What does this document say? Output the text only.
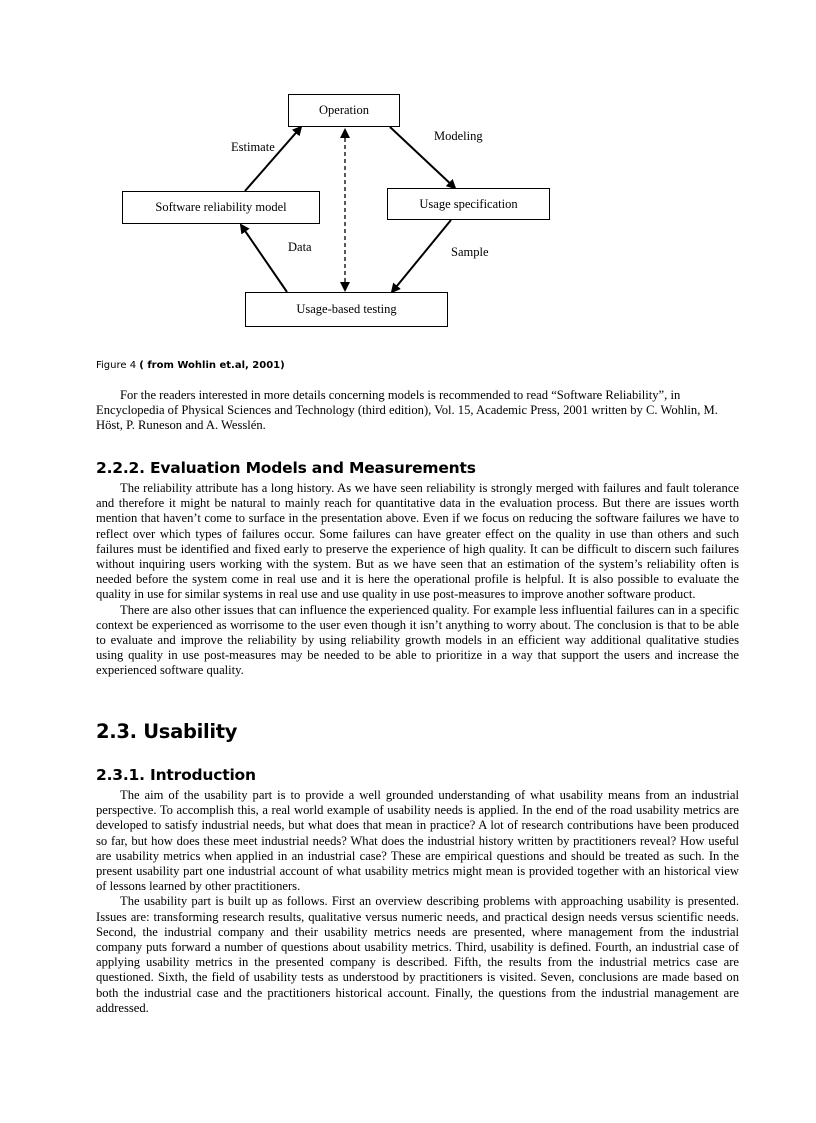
Operation
Software reliability model	Usage specification
Usage-based testing
Estimate
Modeling
Data	Sample
Figure 4 ( from Wohlin et.al, 2001)

For the readers interested in more details concerning models is recommended to read “Software Reliability”, in Encyclopedia of Physical Sciences and Technology (third edition), Vol. 15, Academic Press, 2001 written by C. Wohlin, M. Höst, P. Runeson and A. Wesslén.

2.2.2. Evaluation Models and Measurements

The reliability attribute has a long history. As we have seen reliability is strongly merged with failures and fault tolerance and therefore it might be natural to mainly reach for quantitative data in the evaluation process. But there are issues worth mention that haven’t come to surface in the presentation above. Even if we focus on reducing the software failures we have to reflect over which types of failures occur. Some failures can have greater effect on the quality in use than others and such failures must be identified and fixed early to preserve the experience of high quality. It can be difficult to discern such failures without inquiring users working with the system. But as we have seen that an estimation of the system’s reliability often is needed before the system come in real use and it is here the operational profile is helpful. It is also possible to evaluate the quality in use for similar systems in real use and use quality in use post-measures to improve another software product.

There are also other issues that can influence the experienced quality. For example less influential failures can in a specific context be experienced as worrisome to the user even though it isn’t anything to worry about. The conclusion is that to be able to evaluate and improve the reliability by using reliability growth models in an efficient way additional qualitative studies using quality in use post-measures may be needed to be able to prioritize in a way that support the users and increase the experienced software quality.

2.3. Usability
2.3.1. Introduction

The aim of the usability part is to provide a well grounded understanding of what usability means from an industrial perspective. To accomplish this, a real world example of usability needs is applied. In the end of the road usability metrics are developed to satisfy industrial needs, but what does that mean in practice? A lot of research contributions have been produced so far, but how does these meet industrial needs? What does the industrial history written by practitioners reveal? How useful are usability metrics when applied in an industrial case? These are empirical questions and should be treated as such. In the present usability part one industrial account of what usability metrics might mean is provided together with an historical view of lessons learned by other practitioners.

The usability part is built up as follows. First an overview describing problems with approaching usability is presented. Issues are: transforming research results, qualitative versus numeric needs, and practical design needs versus scientific needs. Second, the industrial company and their usability metrics needs are presented, where management from the industrial company puts forward a number of questions about usability metrics. Third, usability is defined. Fourth, an industrial case of applying usability metrics in the presented company is described. Fifth, the results from the industrial metrics case are questioned. Sixth, the field of usability tests as understood by practitioners is visited. Seven, conclusions are made based on both the industrial case and the practitioners historical account. Finally, the questions from the industrial management are addressed.
